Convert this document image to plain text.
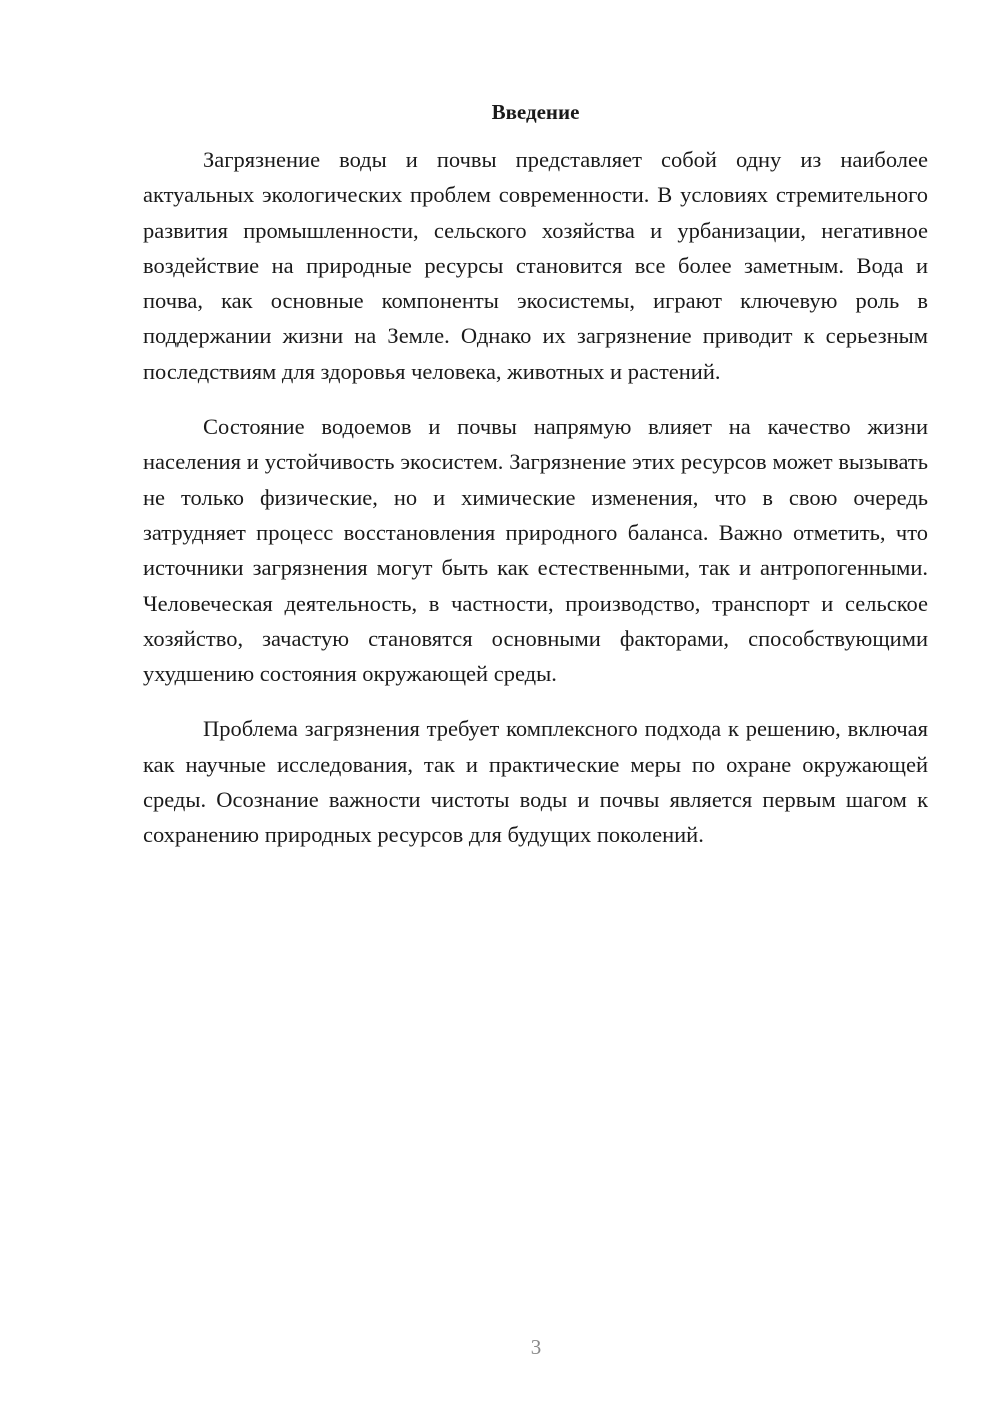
Введение

Загрязнение воды и почвы представляет собой одну из наиболее актуальных экологических проблем современности. В условиях стремительного развития промышленности, сельского хозяйства и урбанизации, негативное воздействие на природные ресурсы становится все более заметным. Вода и почва, как основные компоненты экосистемы, играют ключевую роль в поддержании жизни на Земле. Однако их загрязнение приводит к серьезным последствиям для здоровья человека, животных и растений.

Состояние водоемов и почвы напрямую влияет на качество жизни населения и устойчивость экосистем. Загрязнение этих ресурсов может вызывать не только физические, но и химические изменения, что в свою очередь затрудняет процесс восстановления природного баланса. Важно отметить, что источники загрязнения могут быть как естественными, так и антропогенными. Человеческая деятельность, в частности, производство, транспорт и сельское хозяйство, зачастую становятся основными факторами, способствующими ухудшению состояния окружающей среды.

Проблема загрязнения требует комплексного подхода к решению, включая как научные исследования, так и практические меры по охране окружающей среды. Осознание важности чистоты воды и почвы является первым шагом к сохранению природных ресурсов для будущих поколений.

3
